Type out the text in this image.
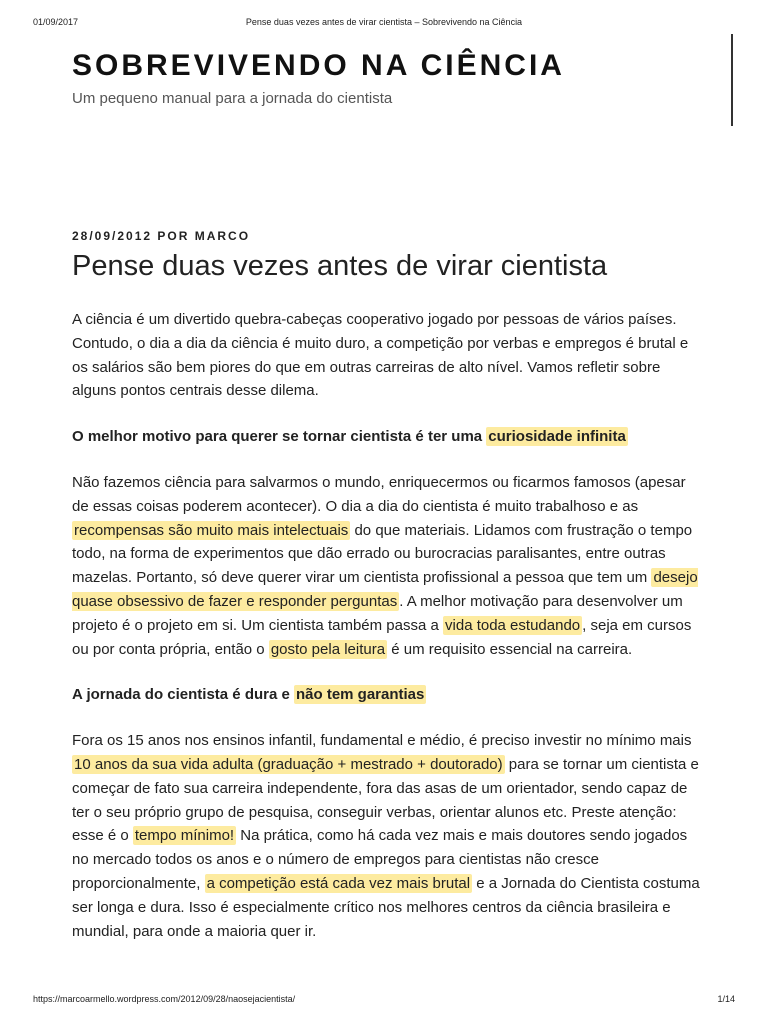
01/09/2017	Pense duas vezes antes de virar cientista – Sobrevivendo na Ciência
SOBREVIVENDO NA CIÊNCIA

Um pequeno manual para a jornada do cientista

28/09/2012 POR MARCO
Pense duas vezes antes de virar cientista

A ciência é um divertido quebra-cabeças cooperativo jogado por pessoas de vários países. Contudo, o dia a dia da ciência é muito duro, a competição por verbas e empregos é brutal e os salários são bem piores do que em outras carreiras de alto nível. Vamos refletir sobre alguns pontos centrais desse dilema.

O melhor motivo para querer se tornar cientista é ter uma curiosidade infinita

Não fazemos ciência para salvarmos o mundo, enriquecermos ou ficarmos famosos (apesar de essas coisas poderem acontecer). O dia a dia do cientista é muito trabalhoso e as recompensas são muito mais intelectuais do que materiais. Lidamos com frustração o tempo todo, na forma de experimentos que dão errado ou burocracias paralisantes, entre outras mazelas. Portanto, só deve querer virar um cientista profissional a pessoa que tem um desejo quase obsessivo de fazer e responder perguntas . A melhor motivação para desenvolver um projeto é o projeto em si. Um cientista também passa a vida toda estudando , seja em cursos ou por conta própria, então o gosto pela leitura é um requisito essencial na carreira.

A jornada do cientista é dura e não tem garantias

Fora os 15 anos nos ensinos infantil, fundamental e médio, é preciso investir no mínimo mais 10 anos da sua vida adulta (graduação + mestrado + doutorado) para se tornar um cientista e começar de fato sua carreira independente, fora das asas de um orientador, sendo capaz de ter o seu próprio grupo de pesquisa, conseguir verbas, orientar alunos etc. Preste atenção: esse é o tempo mínimo! Na prática, como há cada vez mais e mais doutores sendo jogados no mercado todos os anos e o número de empregos para cientistas não cresce proporcionalmente, a competição está cada vez mais brutal e a Jornada do Cientista costuma ser longa e dura. Isso é especialmente crítico nos melhores centros da ciência brasileira e mundial, para onde a maioria quer ir.

https://marcoarmello.wordpress.com/2012/09/28/naosejacientista/	1/14
